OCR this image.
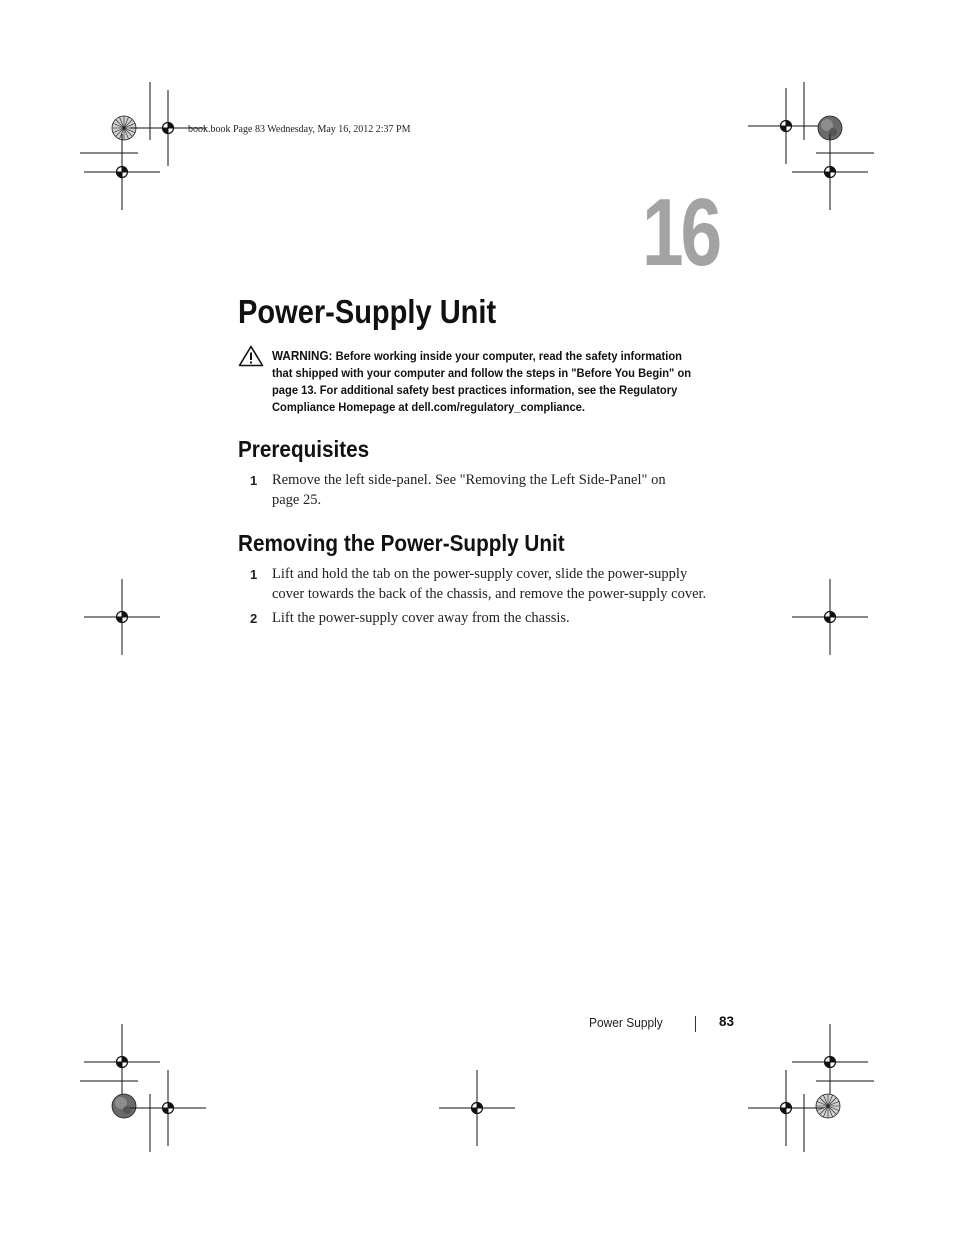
book.book Page 83 Wednesday, May 16, 2012 2:37 PM
16
Power-Supply Unit
WARNING: Before working inside your computer, read the safety information
that shipped with your computer and follow the steps in "Before You Begin" on
page 13. For additional safety best practices information, see the Regulatory
Compliance Homepage at dell.com/regulatory_compliance.
Prerequisites
1 Remove the left side-panel. See "Removing the Left Side-Panel" on
page 25.
Removing the Power-Supply Unit
1 Lift and hold the tab on the power-supply cover, slide the power-supply
cover towards the back of the chassis, and remove the power-supply cover.
2 Lift the power-supply cover away from the chassis.
Power Supply	83
